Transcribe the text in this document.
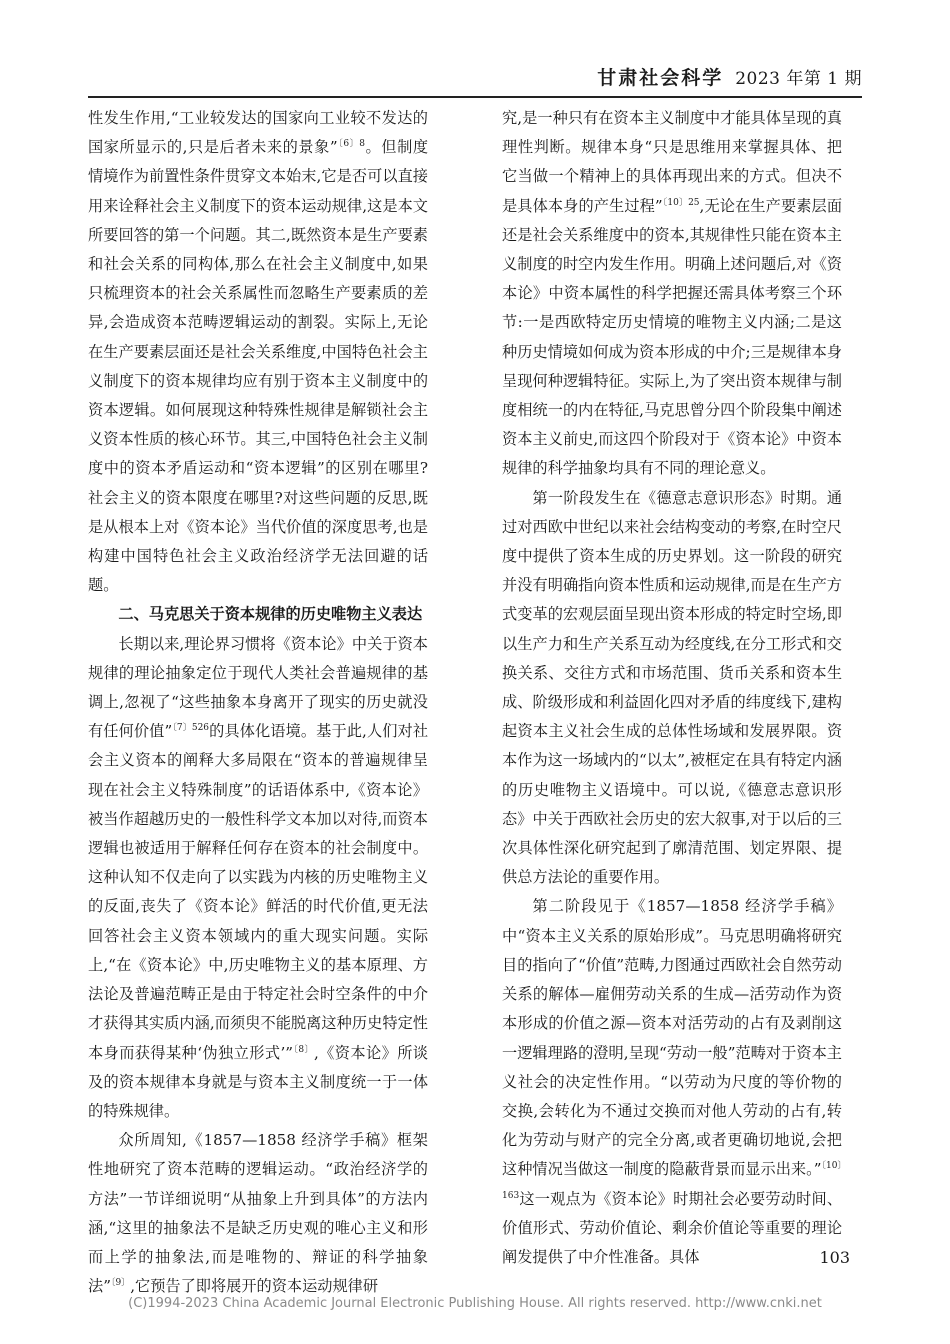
甘肃社会科学 2023 年第 1 期

性发生作用,“工业较发达的国家向工业较不发达的国家所显示的,只是后者未来的景象”$^{〔6〕8}$。但制度情境作为前置性条件贯穿文本始末,它是否可以直接用来诠释社会主义制度下的资本运动规律,这是本文所要回答的第一个问题。其二,既然资本是生产要素和社会关系的同构体,那么在社会主义制度中,如果只梳理资本的社会关系属性而忽略生产要素质的差异,会造成资本范畴逻辑运动的割裂。实际上,无论在生产要素层面还是社会关系维度,中国特色社会主义制度下的资本规律均应有别于资本主义制度中的资本逻辑。如何展现这种特殊性规律是解锁社会主义资本性质的核心环节。其三,中国特色社会主义制度中的资本矛盾运动和“资本逻辑”的区别在哪里?社会主义的资本限度在哪里?对这些问题的反思,既是从根本上对《资本论》当代价值的深度思考,也是构建中国特色社会主义政治经济学无法回避的话题。

二、马克思关于资本规律的历史唯物主义表达

长期以来,理论界习惯将《资本论》中关于资本规律的理论抽象定位于现代人类社会普遍规律的基调上,忽视了“这些抽象本身离开了现实的历史就没有任何价值”$^{〔7〕526}$的具体化语境。基于此,人们对社会主义资本的阐释大多局限在“资本的普遍规律呈现在社会主义特殊制度”的话语体系中,《资本论》被当作超越历史的一般性科学文本加以对待,而资本逻辑也被适用于解释任何存在资本的社会制度中。这种认知不仅走向了以实践为内核的历史唯物主义的反面,丧失了《资本论》鲜活的时代价值,更无法回答社会主义资本领域内的重大现实问题。实际上,“在《资本论》中,历史唯物主义的基本原理、方法论及普遍范畴正是由于特定社会时空条件的中介才获得其实质内涵,而须臾不能脱离这种历史特定性本身而获得某种‘伪独立形式’”$^{〔8〕}$,《资本论》所谈及的资本规律本身就是与资本主义制度统一于一体的特殊规律。

众所周知,《1857—1858 经济学手稿》框架性地研究了资本范畴的逻辑运动。“政治经济学的方法”一节详细说明“从抽象上升到具体”的方法内涵,“这里的抽象法不是缺乏历史观的唯心主义和形而上学的抽象法,而是唯物的、辩证的科学抽象法”$^{〔9〕}$,它预告了即将展开的资本运动规律研

究,是一种只有在资本主义制度中才能具体呈现的真理性判断。规律本身“只是思维用来掌握具体、把它当做一个精神上的具体再现出来的方式。但决不是具体本身的产生过程”$^{〔10〕25}$,无论在生产要素层面还是社会关系维度中的资本,其规律性只能在资本主义制度的时空内发生作用。明确上述问题后,对《资本论》中资本属性的科学把握还需具体考察三个环节:一是西欧特定历史情境的唯物主义内涵;二是这种历史情境如何成为资本形成的中介;三是规律本身呈现何种逻辑特征。实际上,为了突出资本规律与制度相统一的内在特征,马克思曾分四个阶段集中阐述资本主义前史,而这四个阶段对于《资本论》中资本规律的科学抽象均具有不同的理论意义。

第一阶段发生在《德意志意识形态》时期。通过对西欧中世纪以来社会结构变动的考察,在时空尺度中提供了资本生成的历史界划。这一阶段的研究并没有明确指向资本性质和运动规律,而是在生产方式变革的宏观层面呈现出资本形成的特定时空场,即以生产力和生产关系互动为经度线,在分工形式和交换关系、交往方式和市场范围、货币关系和资本生成、阶级形成和利益固化四对矛盾的纬度线下,建构起资本主义社会生成的总体性场域和发展界限。资本作为这一场域内的“以太”,被框定在具有特定内涵的历史唯物主义语境中。可以说,《德意志意识形态》中关于西欧社会历史的宏大叙事,对于以后的三次具体性深化研究起到了廓清范围、划定界限、提供总方法论的重要作用。

第二阶段见于《1857—1858 经济学手稿》中“资本主义关系的原始形成”。马克思明确将研究目的指向了“价值”范畴,力图通过西欧社会自然劳动关系的解体—雇佣劳动关系的生成—活劳动作为资本形成的价值之源—资本对活劳动的占有及剥削这一逻辑理路的澄明,呈现“劳动一般”范畴对于资本主义社会的决定性作用。“以劳动为尺度的等价物的交换,会转化为不通过交换而对他人劳动的占有,转化为劳动与财产的完全分离,或者更确切地说,会把这种情况当做这一制度的隐蔽背景而显示出来。”$^{〔10〕163}$这一观点为《资本论》时期社会必要劳动时间、价值形式、劳动价值论、剩余价值论等重要的理论阐发提供了中介性准备。具体	103
(C)1994-2023 China Academic Journal Electronic Publishing House. All rights reserved. http://www.cnki.net
